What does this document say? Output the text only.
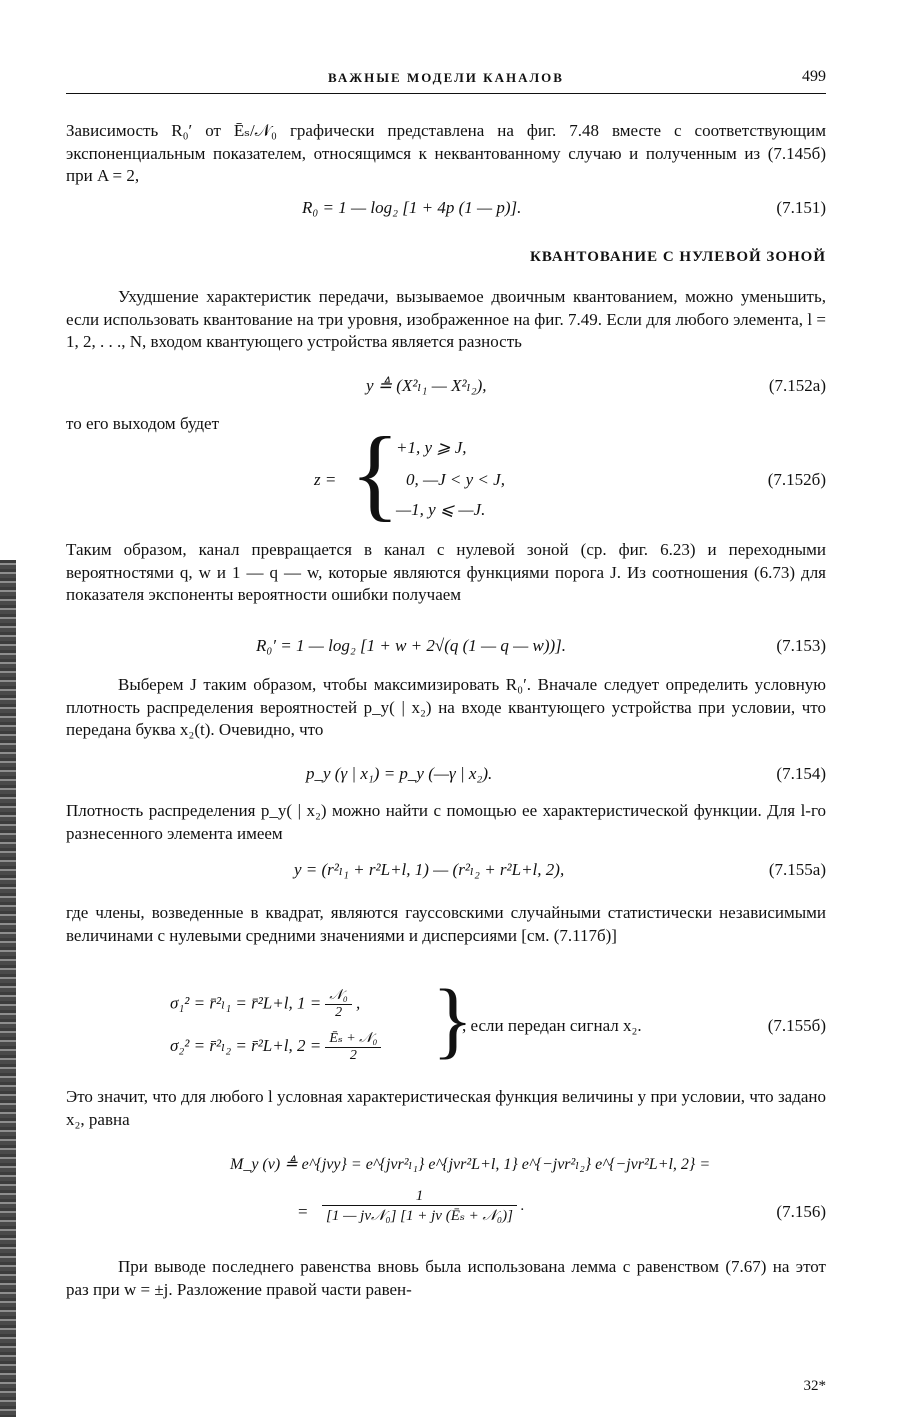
ВАЖНЫЕ МОДЕЛИ КАНАЛОВ	499

Зависимость R₀′ от Ēₛ/𝒩₀ графически представлена на фиг. 7.48 вместе с соответствующим экспоненциальным показателем, относящимся к неквантованному случаю и полученным из (7.145б) при A = 2,

R₀ = 1 — log₂ [1 + 4p (1 — p)].	(7.151)
КВАНТОВАНИЕ С НУЛЕВОЙ ЗОНОЙ

Ухудшение характеристик передачи, вызываемое двоичным квантованием, можно уменьшить, если использовать квантование на три уровня, изображенное на фиг. 7.49. Если для любого элемента, l = 1, 2, . . ., N, входом квантующего устройства является разность

y ≜ (X²ₗ₁ — X²ₗ₂),	(7.152а)

то его выходом будет

z = {
+1, y ⩾ J,
0, —J < y < J,
—1, y ⩽ —J.
(7.152б)

Таким образом, канал превращается в канал с нулевой зоной (ср. фиг. 6.23) и переходными вероятностями q, w и 1 — q — w, которые являются функциями порога J. Из соотношения (6.73) для показателя экспоненты вероятности ошибки получаем

R₀′ = 1 — log₂ [1 + w + 2√(q (1 — q — w))].	(7.153)

Выберем J таким образом, чтобы максимизировать R₀′. Вначале следует определить условную плотность распределения вероятностей p_y( | x₂) на входе квантующего устройства при условии, что передана буква x₂(t). Очевидно, что

p_y (γ | x₁) = p_y (—γ | x₂).	(7.154)

Плотность распределения p_y( | x₂) можно найти с помощью ее характеристической функции. Для l-го разнесенного элемента имеем

y = (r²ₗ₁ + r²L+l, 1) — (r²ₗ₂ + r²L+l, 2),	(7.155а)

где члены, возведенные в квадрат, являются гауссовскими случайными статистически независимыми величинами с нулевыми средними значениями и дисперсиями [см. (7.117б)]

σ₁² = r̄²ₗ₁ = r̄²L+l, $1 = \frac{\text{𝒩₀}}{2}$ ,
σ₂² = r̄²ₗ₂ = r̄²L+l, $2 = \frac{\text{Ēₛ + 𝒩₀}}{2}$ }
, если передан сигнал x₂.	(7.155б)

Это значит, что для любого l условная характеристическая функция величины y при условии, что задано x₂, равна

M_y (ν) ≜ e^{jνy} = e^{jνr²ₗ₁} e^{jνr²L+l, 1} e^{−jνr²ₗ₂} e^{−jνr²L+l, 2} =
= $\frac{1}{\text{[1 — jν𝒩₀] [1 + jν (Ēₛ + 𝒩₀)]}}$ .	(7.156)

При выводе последнего равенства вновь была использована лемма с равенством (7.67) на этот раз при w = ±j. Разложение правой части равен-

32*
